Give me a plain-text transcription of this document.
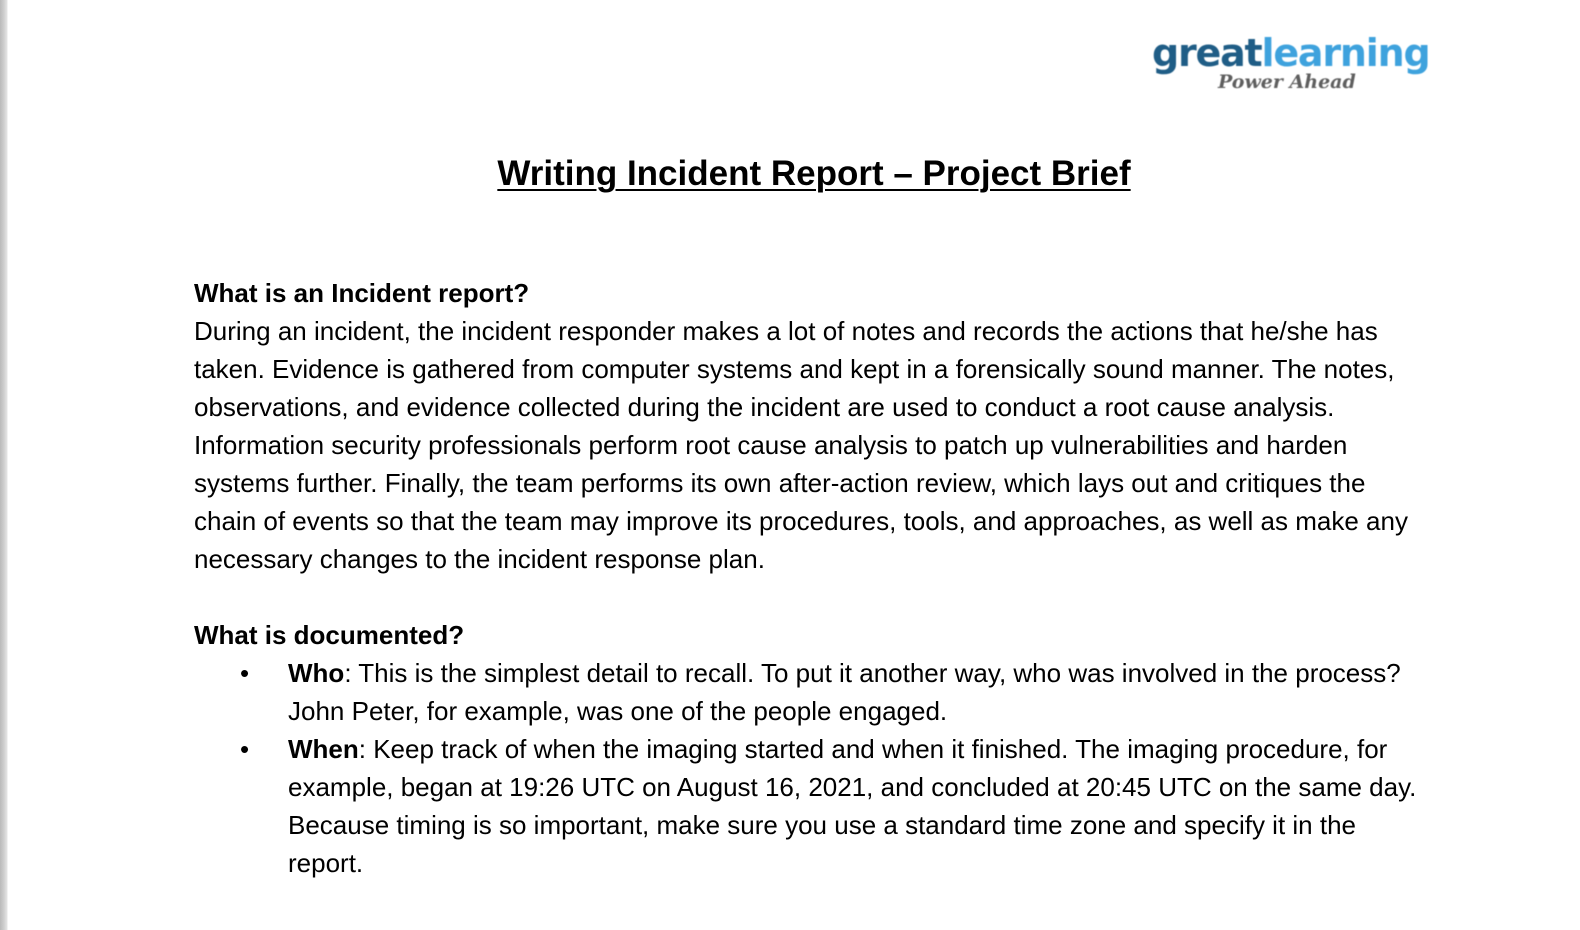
greatlearning
Power Ahead
Writing Incident Report – Project Brief
What is an Incident report?

During an incident, the incident responder makes a lot of notes and records the actions that he/she has taken. Evidence is gathered from computer systems and kept in a forensically sound manner. The notes, observations, and evidence collected during the incident are used to conduct a root cause analysis. Information security professionals perform root cause analysis to patch up vulnerabilities and harden systems further. Finally, the team performs its own after-action review, which lays out and critiques the chain of events so that the team may improve its procedures, tools, and approaches, as well as make any necessary changes to the incident response plan.

What is documented?
• Who: This is the simplest detail to recall. To put it another way, who was involved in the process? John Peter, for example, was one of the people engaged.
• When: Keep track of when the imaging started and when it finished. The imaging procedure, for example, began at 19:26 UTC on August 16, 2021, and concluded at 20:45 UTC on the same day. Because timing is so important, make sure you use a standard time zone and specify it in the report.
